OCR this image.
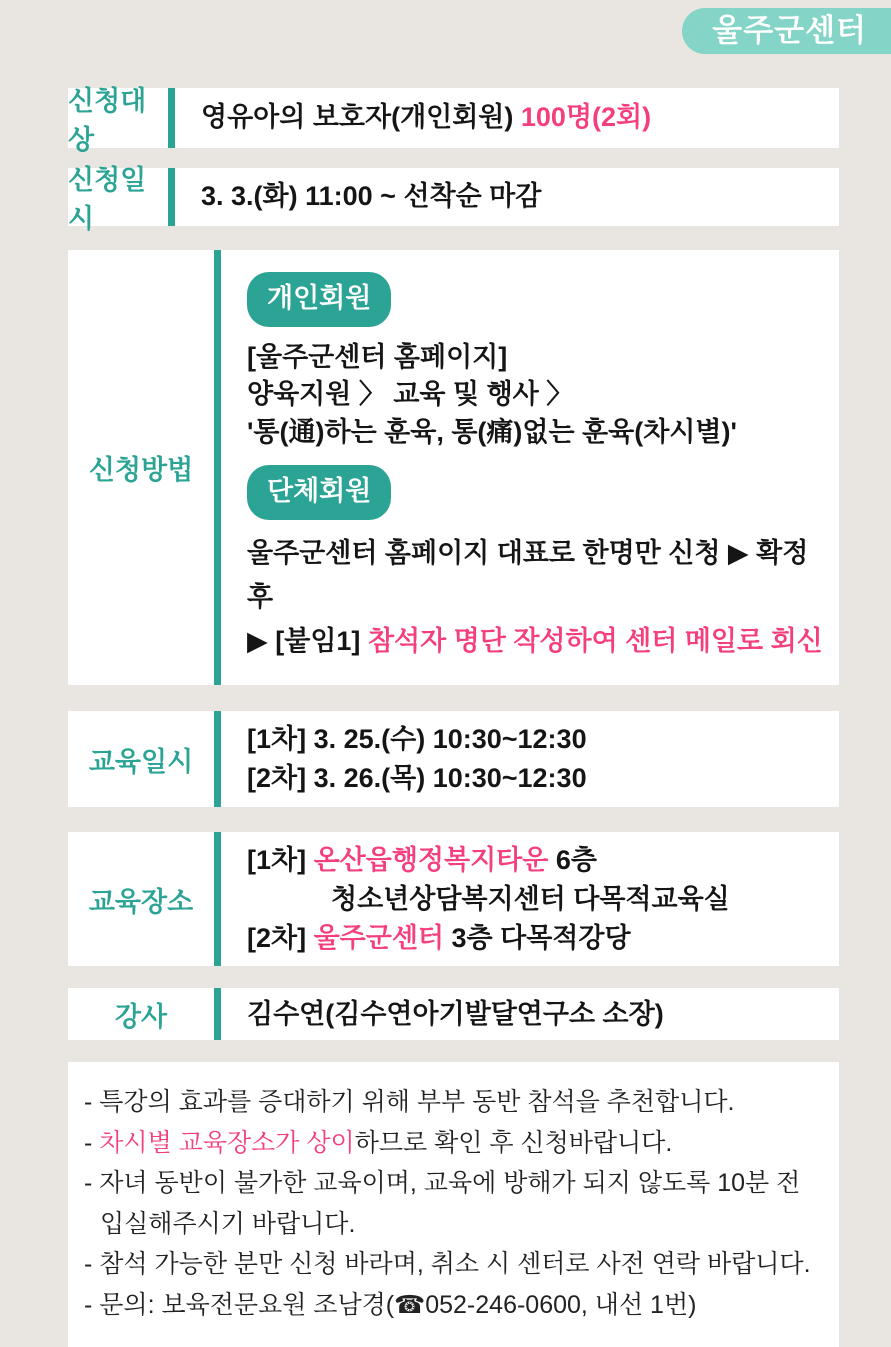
울주군센터
신청대상
영유아의 보호자(개인회원) 100명(2회)
신청일시
3. 3.(화) 11:00 ~ 선착순 마감
신청방법
개인회원
[울주군센터 홈페이지]
양육지원 〉 교육 및 행사 〉
'통(通)하는 훈육, 통(痛)없는 훈육(차시별)'
단체회원
울주군센터 홈페이지 대표로 한명만 신청 ▶ 확정 후
▶ [붙임1] 참석자 명단 작성하여 센터 메일로 회신
교육일시
[1차] 3. 25.(수) 10:30~12:30
[2차] 3. 26.(목) 10:30~12:30
교육장소
[1차] 온산읍행정복지타운 6층
청소년상담복지센터 다목적교육실
[2차] 울주군센터 3층 다목적강당
강사	김수연(김수연아기발달연구소 소장)
- 특강의 효과를 증대하기 위해 부부 동반 참석을 추천합니다.
- 차시별 교육장소가 상이하므로 확인 후 신청바랍니다.
- 자녀 동반이 불가한 교육이며, 교육에 방해가 되지 않도록 10분 전
입실해주시기 바랍니다.
- 참석 가능한 분만 신청 바라며, 취소 시 센터로 사전 연락 바랍니다.
- 문의: 보육전문요원 조남경(☎052-246-0600, 내선 1번)
